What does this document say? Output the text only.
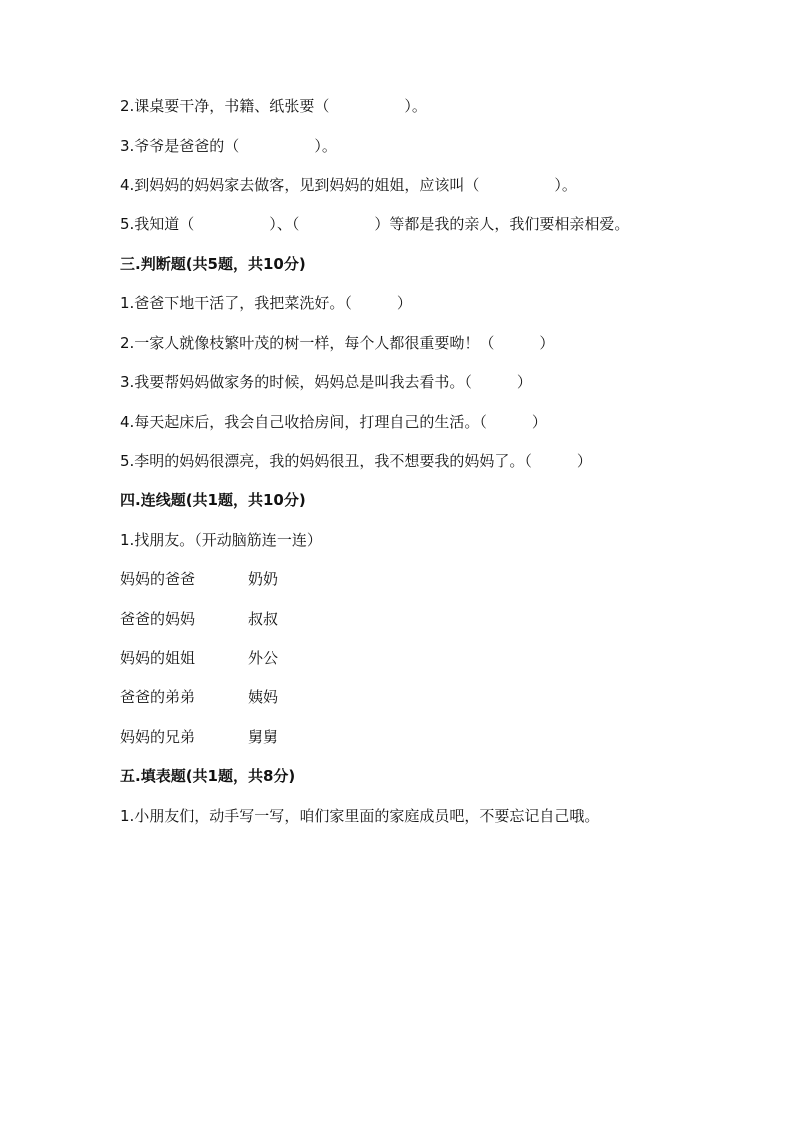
2.课桌要干净，书籍、纸张要（　　　　　）。
3.爷爷是爸爸的（　　　　　）。
4.到妈妈的妈妈家去做客，见到妈妈的姐姐，应该叫（　　　　　）。
5.我知道（　　　　　）、（　　　　　）等都是我的亲人，我们要相亲相爱。
三.判断题(共5题，共10分)
1.爸爸下地干活了，我把菜洗好。（　　　）
2.一家人就像枝繁叶茂的树一样，每个人都很重要呦！（　　　）
3.我要帮妈妈做家务的时候，妈妈总是叫我去看书。（　　　）
4.每天起床后，我会自己收拾房间，打理自己的生活。（　　　）
5.李明的妈妈很漂亮，我的妈妈很丑，我不想要我的妈妈了。（　　　）
四.连线题(共1题，共10分)
1.找朋友。（开动脑筋连一连）
妈妈的爸爸	奶奶
爸爸的妈妈	叔叔
妈妈的姐姐	外公
爸爸的弟弟	姨妈
妈妈的兄弟	舅舅
五.填表题(共1题，共8分)
1.小朋友们，动手写一写，咱们家里面的家庭成员吧，不要忘记自己哦。
